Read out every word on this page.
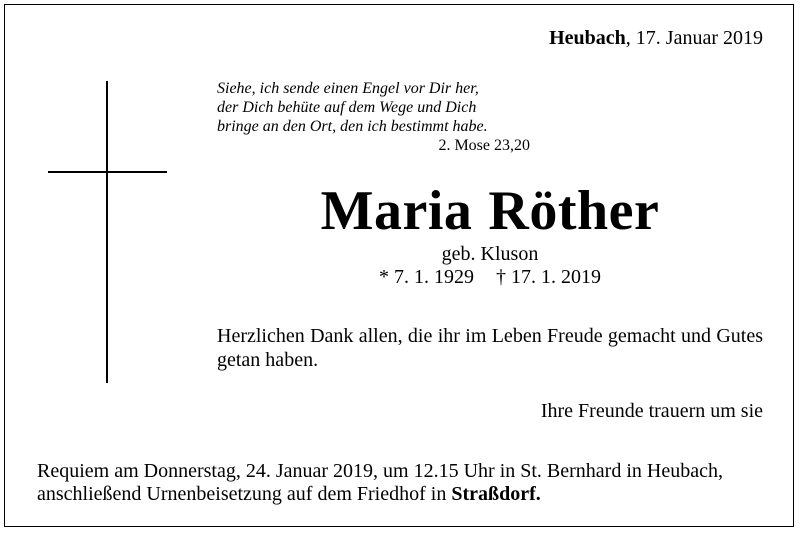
Heubach, 17. Januar 2019
Siehe, ich sende einen Engel vor Dir her,
der Dich behüte auf dem Wege und Dich
bringe an den Ort, den ich bestimmt habe.
2. Mose 23,20
Maria Röther
geb. Kluson
* 7. 1. 1929 † 17. 1. 2019
Herzlichen Dank allen, die ihr im Leben Freude gemacht und Gutes getan haben.
Ihre Freunde trauern um sie
Requiem am Donnerstag, 24. Januar 2019, um 12.15 Uhr in St. Bernhard in Heubach,
anschließend Urnenbeisetzung auf dem Friedhof in Straßdorf.
